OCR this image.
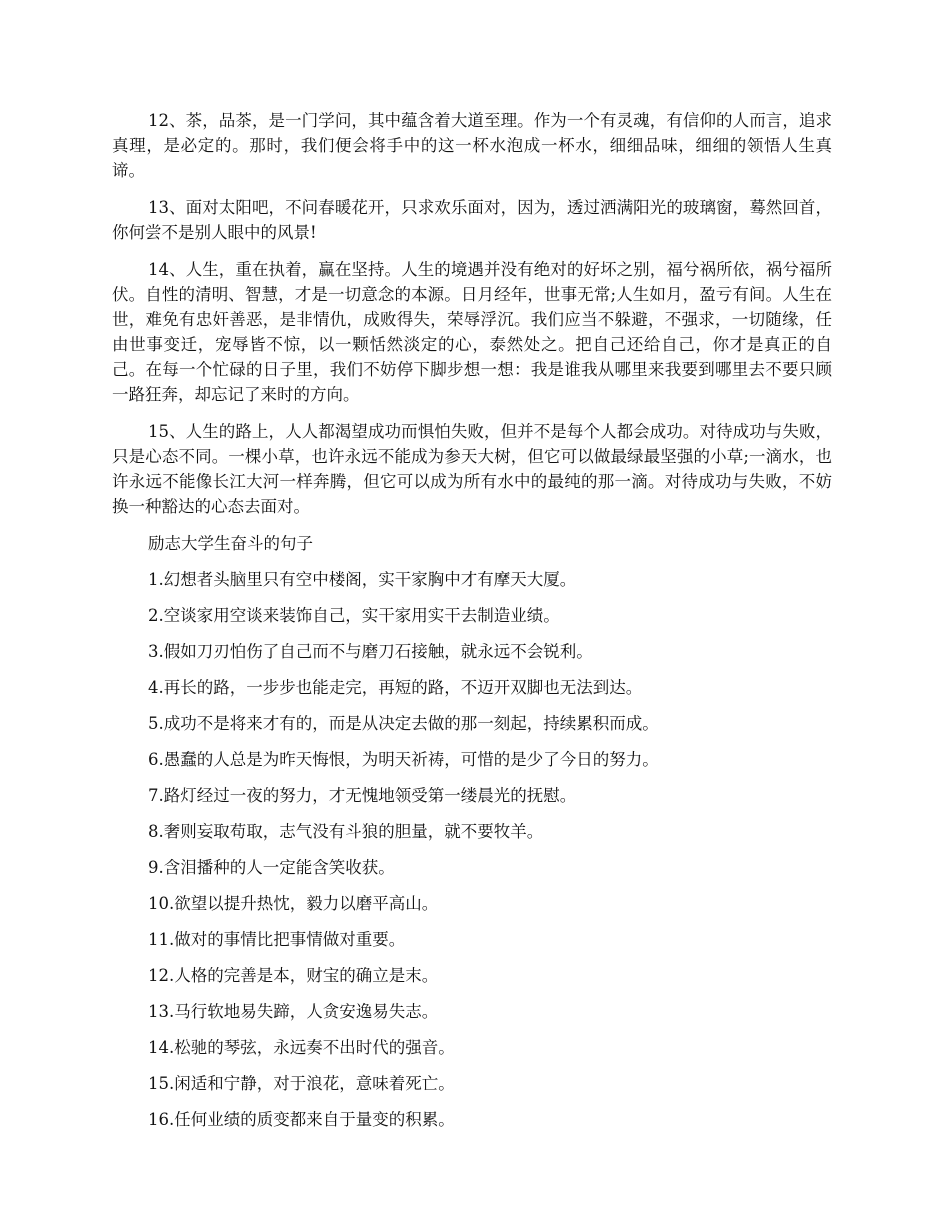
12、茶，品茶，是一门学问，其中蕴含着大道至理。作为一个有灵魂，有信仰的人而言，追求真理，是必定的。那时，我们便会将手中的这一杯水泡成一杯水，细细品味，细细的领悟人生真谛。

13、面对太阳吧，不问春暖花开，只求欢乐面对，因为，透过洒满阳光的玻璃窗，蓦然回首，你何尝不是别人眼中的风景!

14、人生，重在执着，赢在坚持。人生的境遇并没有绝对的好坏之别，福兮祸所依，祸兮福所伏。自性的清明、智慧，才是一切意念的本源。日月经年，世事无常;人生如月，盈亏有间。人生在世，难免有忠奸善恶，是非情仇，成败得失，荣辱浮沉。我们应当不躲避，不强求，一切随缘，任由世事变迁，宠辱皆不惊，以一颗恬然淡定的心，泰然处之。把自己还给自己，你才是真正的自己。在每一个忙碌的日子里，我们不妨停下脚步想一想：我是谁我从哪里来我要到哪里去不要只顾一路狂奔，却忘记了来时的方向。

15、人生的路上，人人都渴望成功而惧怕失败，但并不是每个人都会成功。对待成功与失败，只是心态不同。一棵小草，也许永远不能成为参天大树，但它可以做最绿最坚强的小草;一滴水，也许永远不能像长江大河一样奔腾，但它可以成为所有水中的最纯的那一滴。对待成功与失败，不妨换一种豁达的心态去面对。

励志大学生奋斗的句子

1.幻想者头脑里只有空中楼阁，实干家胸中才有摩天大厦。

2.空谈家用空谈来装饰自己，实干家用实干去制造业绩。

3.假如刀刃怕伤了自己而不与磨刀石接触，就永远不会锐利。

4.再长的路，一步步也能走完，再短的路，不迈开双脚也无法到达。

5.成功不是将来才有的，而是从决定去做的那一刻起，持续累积而成。

6.愚蠢的人总是为昨天悔恨，为明天祈祷，可惜的是少了今日的努力。

7.路灯经过一夜的努力，才无愧地领受第一缕晨光的抚慰。

8.奢则妄取苟取，志气没有斗狼的胆量，就不要牧羊。

9.含泪播种的人一定能含笑收获。

10.欲望以提升热忱，毅力以磨平高山。

11.做对的事情比把事情做对重要。

12.人格的完善是本，财宝的确立是末。

13.马行软地易失蹄，人贪安逸易失志。

14.松驰的琴弦，永远奏不出时代的强音。

15.闲适和宁静，对于浪花，意味着死亡。

16.任何业绩的质变都来自于量变的积累。
